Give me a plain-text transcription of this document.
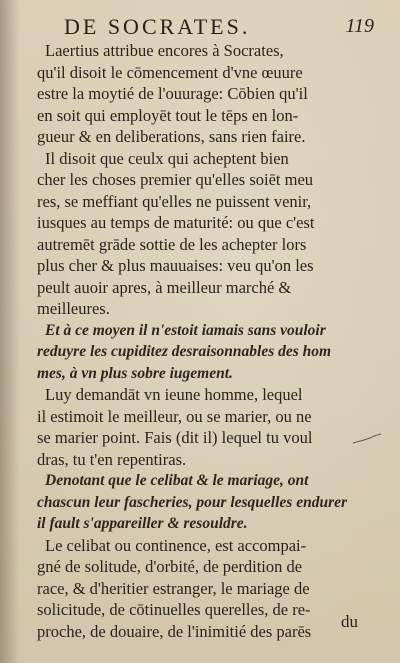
DE SOCRATES.	119
Laertius attribue encores à Socrates,
qu'il disoit le cōmencement d'vne œuure
estre la moytié de l'ouurage: Cōbien qu'il
en soit qui employēt tout le tēps en lon-
gueur & en deliberations, sans rien faire.
Il disoit que ceulx qui acheptent bien
cher les choses premier qu'elles soiēt meu
res, se meffiant qu'elles ne puissent venir,
iusques au temps de maturité: ou que c'est
autremēt grāde sottie de les achepter lors
plus cher & plus mauuaises: veu qu'on les
peult auoir apres, à meilleur marché &
meilleures.
Et à ce moyen il n'estoit iamais sans vouloir
reduyre les cupiditez desraisonnables des hom
mes, à vn plus sobre iugement.
Luy demandāt vn ieune homme, lequel
il estimoit le meilleur, ou se marier, ou ne
se marier point. Fais (dit il) lequel tu voul
dras, tu t'en repentiras.
Denotant que le celibat & le mariage, ont
chascun leur fascheries, pour lesquelles endurer
il fault s'appareiller & resouldre.
Le celibat ou continence, est accompai-
gné de solitude, d'orbité, de perdition de
race, & d'heritier estranger, le mariage de
solicitude, de cōtinuelles querelles, de re-
proche, de douaire, de l'inimitié des parēs	du
